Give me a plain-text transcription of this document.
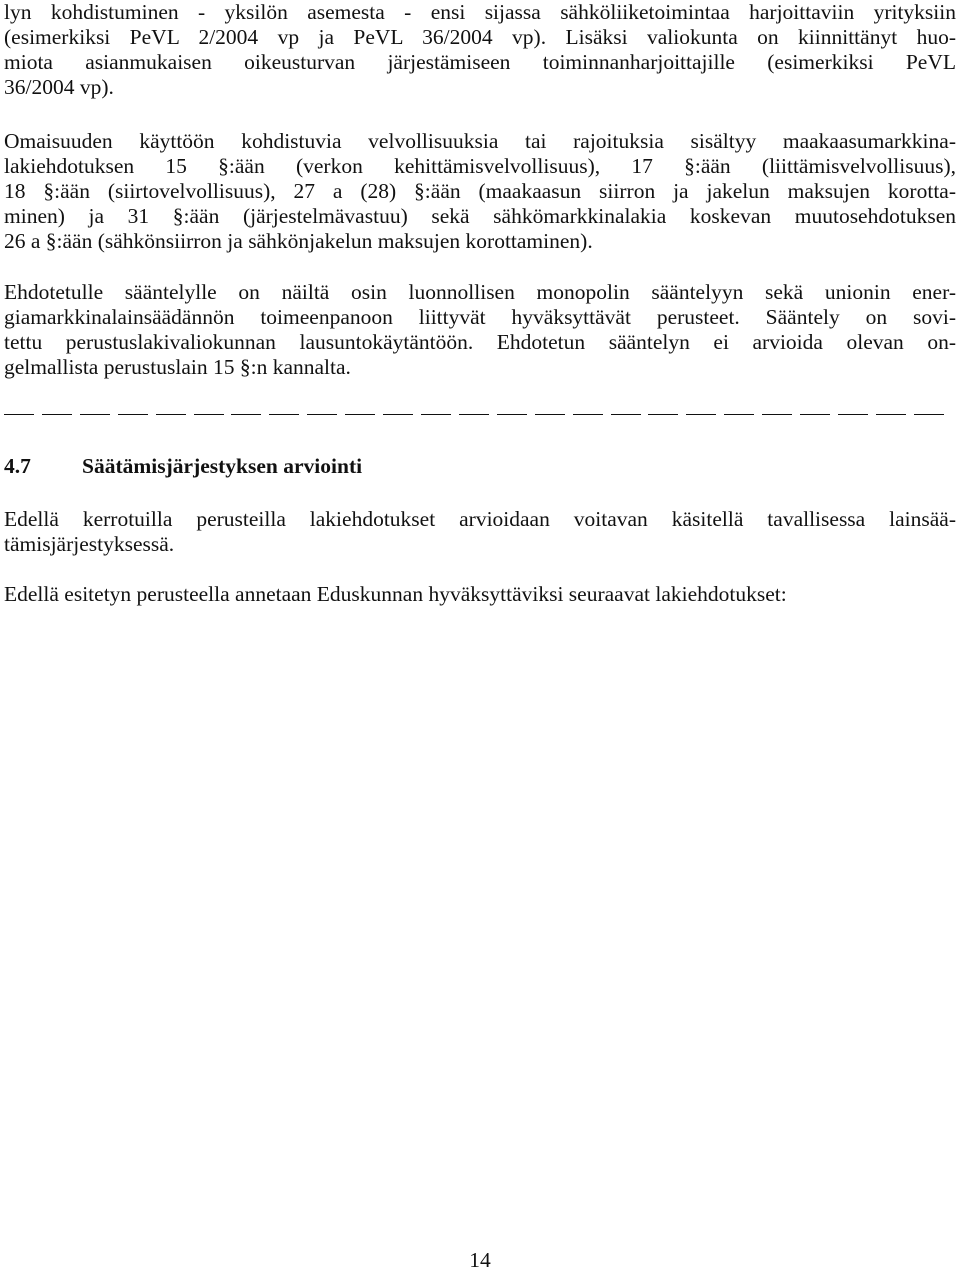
lyn kohdistuminen - yksilön asemesta - ensi sijassa sähköliiketoimintaa harjoittaviin yrityksiin
(esimerkiksi PeVL 2/2004 vp ja PeVL 36/2004 vp). Lisäksi valiokunta on kiinnittänyt huo-
miota asianmukaisen oikeusturvan järjestämiseen toiminnanharjoittajille (esimerkiksi PeVL
36/2004 vp).

Omaisuuden käyttöön kohdistuvia velvollisuuksia tai rajoituksia sisältyy maakaasumarkkina-
lakiehdotuksen 15 §:ään (verkon kehittämisvelvollisuus), 17 §:ään (liittämisvelvollisuus),
18 §:ään (siirtovelvollisuus), 27 a (28) §:ään (maakaasun siirron ja jakelun maksujen korotta-
minen) ja 31 §:ään (järjestelmävastuu) sekä sähkömarkkinalakia koskevan muutosehdotuksen
26 a §:ään (sähkönsiirron ja sähkönjakelun maksujen korottaminen).

Ehdotetulle sääntelylle on näiltä osin luonnollisen monopolin sääntelyyn sekä unionin ener-
giamarkkinalainsäädännön toimeenpanoon liittyvät hyväksyttävät perusteet. Sääntely on sovi-
tettu perustuslakivaliokunnan lausuntokäytäntöön. Ehdotetun sääntelyn ei arvioida olevan on-
gelmallista perustuslain 15 §:n kannalta.

4.7 Säätämisjärjestyksen arviointi

Edellä kerrotuilla perusteilla lakiehdotukset arvioidaan voitavan käsitellä tavallisessa lainsää-
tämisjärjestyksessä.

Edellä esitetyn perusteella annetaan Eduskunnan hyväksyttäviksi seuraavat lakiehdotukset:

14
